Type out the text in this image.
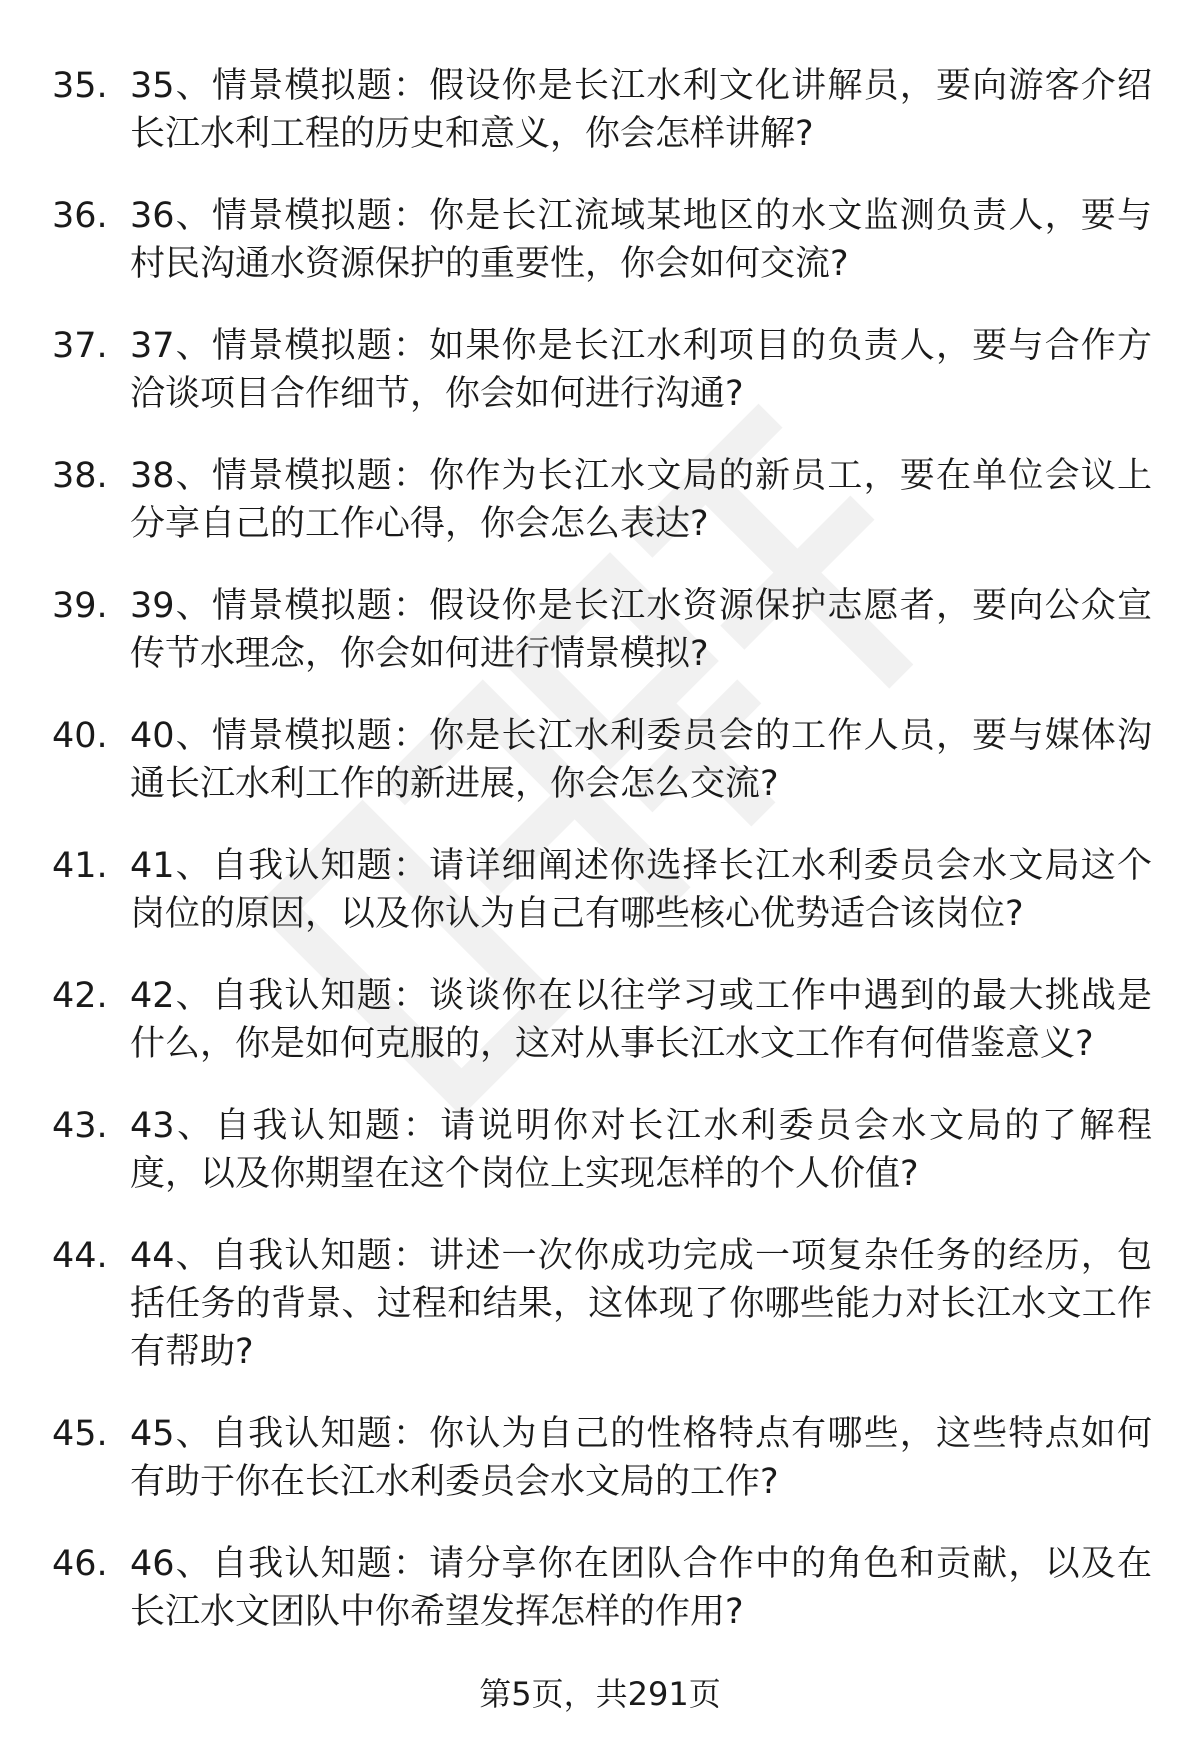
35. 35、情景模拟题：假设你是长江水利文化讲解员，要向游客介绍长江水利工程的历史和意义，你会怎样讲解?
36. 36、情景模拟题：你是长江流域某地区的水文监测负责人，要与村民沟通水资源保护的重要性，你会如何交流?
37. 37、情景模拟题：如果你是长江水利项目的负责人，要与合作方洽谈项目合作细节，你会如何进行沟通?
38. 38、情景模拟题：你作为长江水文局的新员工，要在单位会议上分享自己的工作心得，你会怎么表达?
39. 39、情景模拟题：假设你是长江水资源保护志愿者，要向公众宣传节水理念，你会如何进行情景模拟?
40. 40、情景模拟题：你是长江水利委员会的工作人员，要与媒体沟通长江水利工作的新进展，你会怎么交流?
41. 41、自我认知题：请详细阐述你选择长江水利委员会水文局这个岗位的原因，以及你认为自己有哪些核心优势适合该岗位?
42. 42、自我认知题：谈谈你在以往学习或工作中遇到的最大挑战是什么，你是如何克服的，这对从事长江水文工作有何借鉴意义?
43. 43、自我认知题：请说明你对长江水利委员会水文局的了解程度，以及你期望在这个岗位上实现怎样的个人价值?
44. 44、自我认知题：讲述一次你成功完成一项复杂任务的经历，包括任务的背景、过程和结果，这体现了你哪些能力对长江水文工作有帮助?
45. 45、自我认知题：你认为自己的性格特点有哪些，这些特点如何有助于你在长江水利委员会水文局的工作?
46. 46、自我认知题：请分享你在团队合作中的角色和贡献，以及在长江水文团队中你希望发挥怎样的作用?
第5页，共291页
